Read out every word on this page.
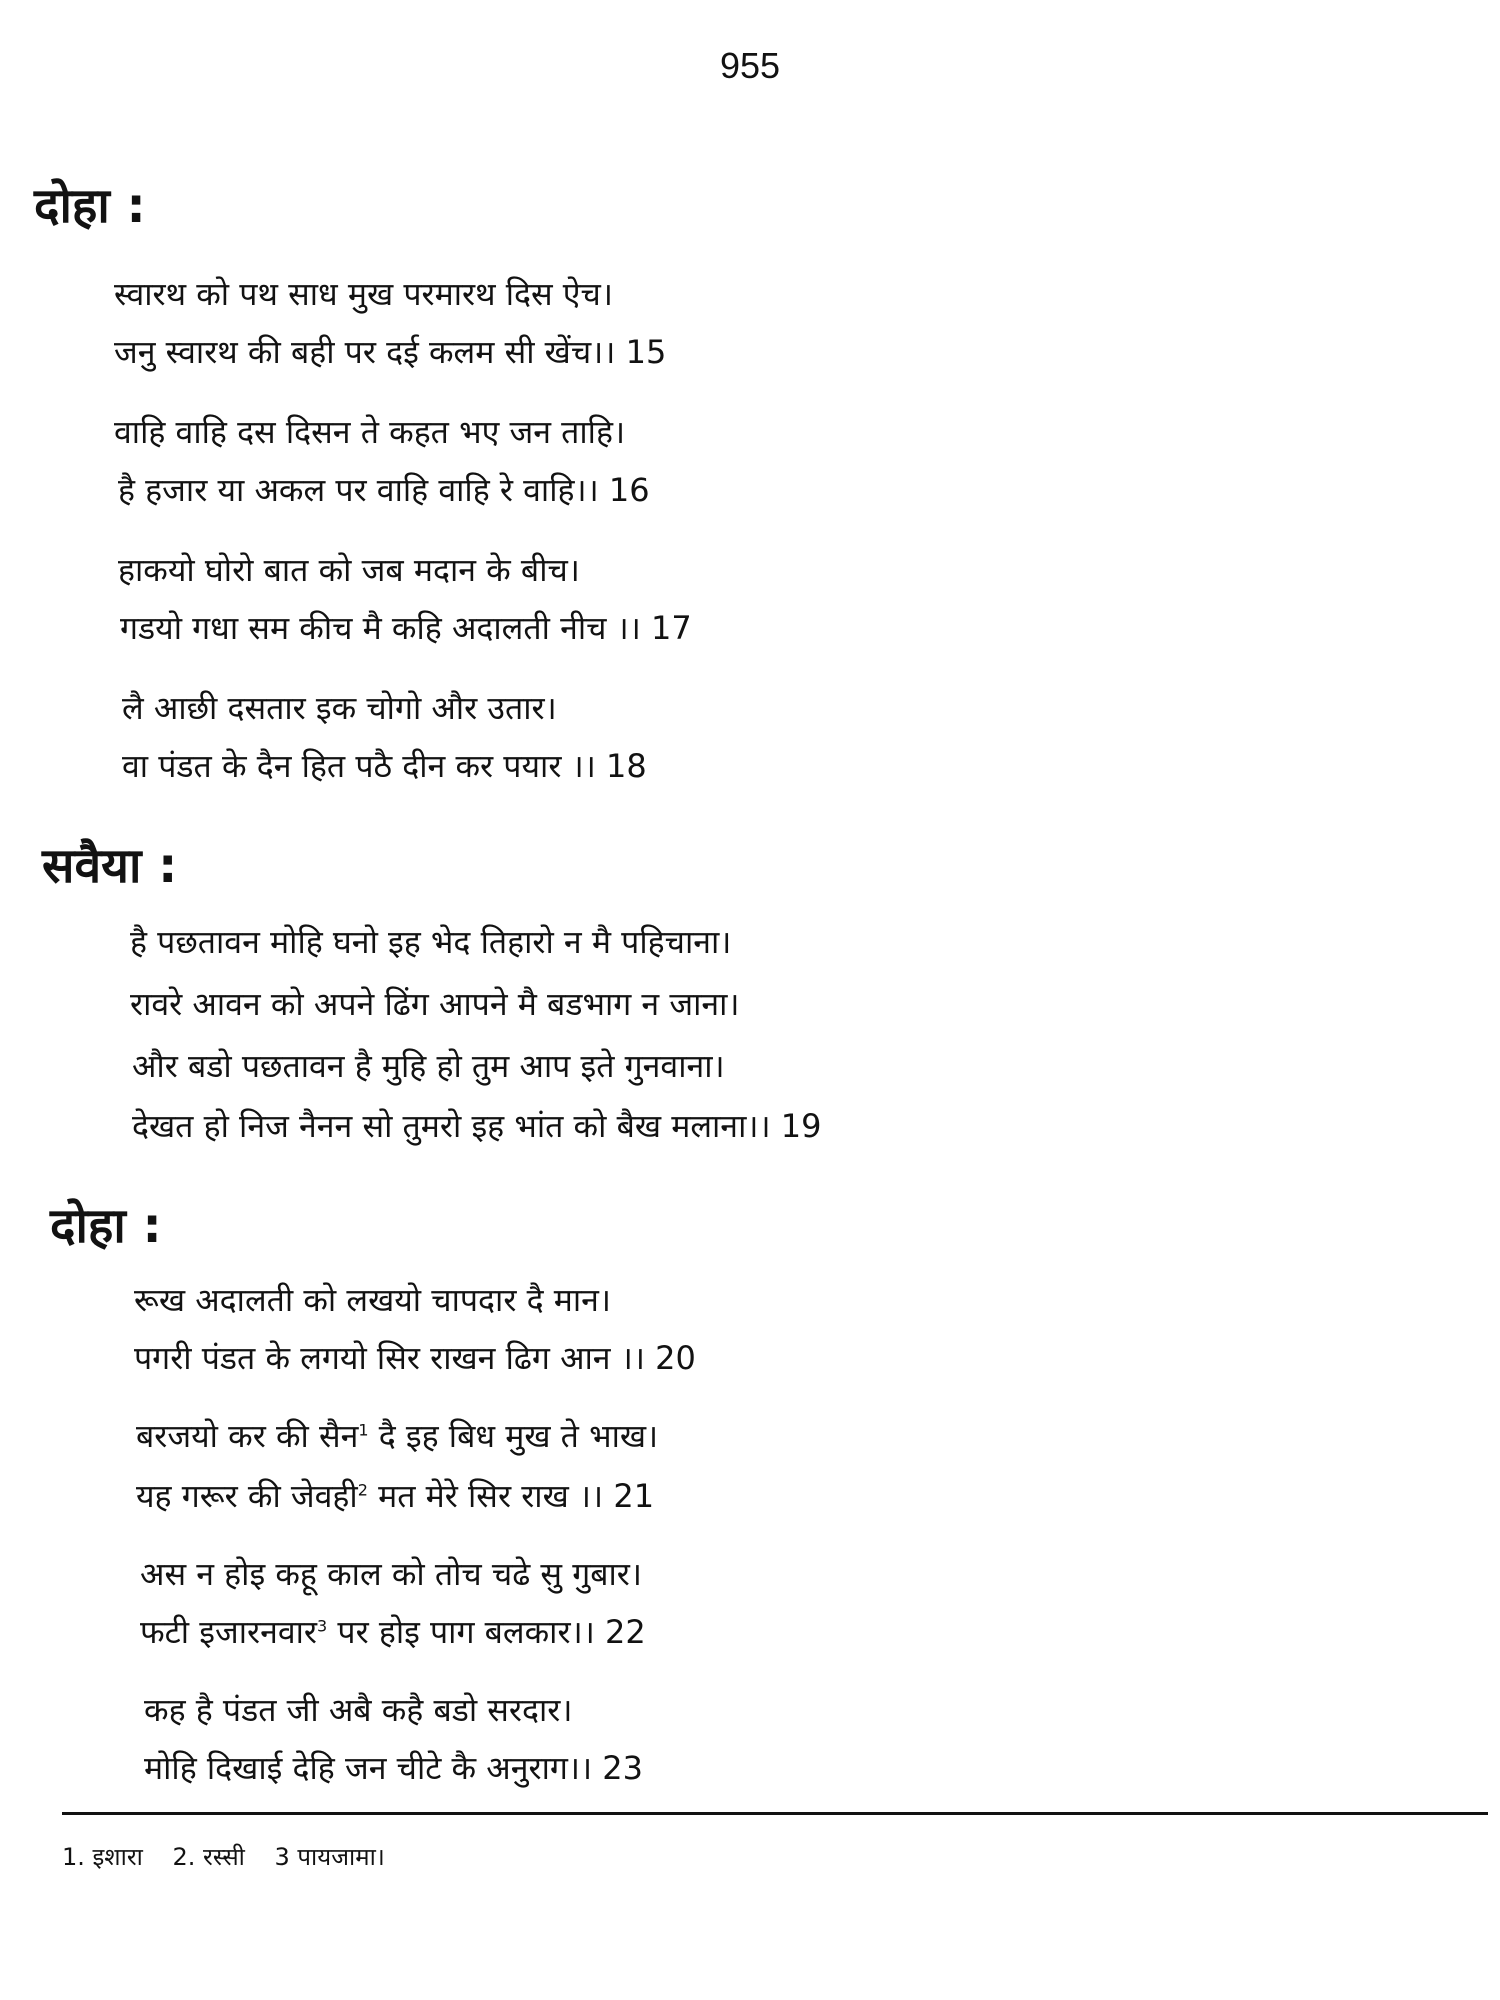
955
दोहा :
स्वारथ को पथ साध मुख परमारथ दिस ऐच।
जनु स्वारथ की बही पर दई कलम सी खेंच।। 15
वाहि वाहि दस दिसन ते कहत भए जन ताहि।
है हजार या अकल पर वाहि वाहि रे वाहि।। 16
हाकयो घोरो बात को जब मदान के बीच।
गडयो गधा सम कीच मै कहि अदालती नीच ।। 17
लै आछी दसतार इक चोगो और उतार।
वा पंडत के दैन हित पठै दीन कर पयार ।। 18
सवैया :
है पछतावन मोहि घनो इह भेद तिहारो न मै पहिचाना।
रावरे आवन को अपने ढिंग आपने मै बडभाग न जाना।
और बडो पछतावन है मुहि हो तुम आप इते गुनवाना।
देखत हो निज नैनन सो तुमरो इह भांत को बैख मलाना।। 19
दोहा :
रूख अदालती को लखयो चापदार दै मान।
पगरी पंडत के लगयो सिर राखन ढिग आन ।। 20
बरजयो कर की सैन$^1$ दै इह बिध मुख ते भाख।
यह गरूर की जेवही$^2$ मत मेरे सिर राख ।। 21
अस न होइ कहू काल को तोच चढे सु गुबार।
फटी इजारनवार$^3$ पर होइ पाग बलकार।। 22
कह है पंडत जी अबै कहै बडो सरदार।
मोहि दिखाई देहि जन चीटे कै अनुराग।। 23
1. इशारा 2. रस्सी 3 पायजामा।
